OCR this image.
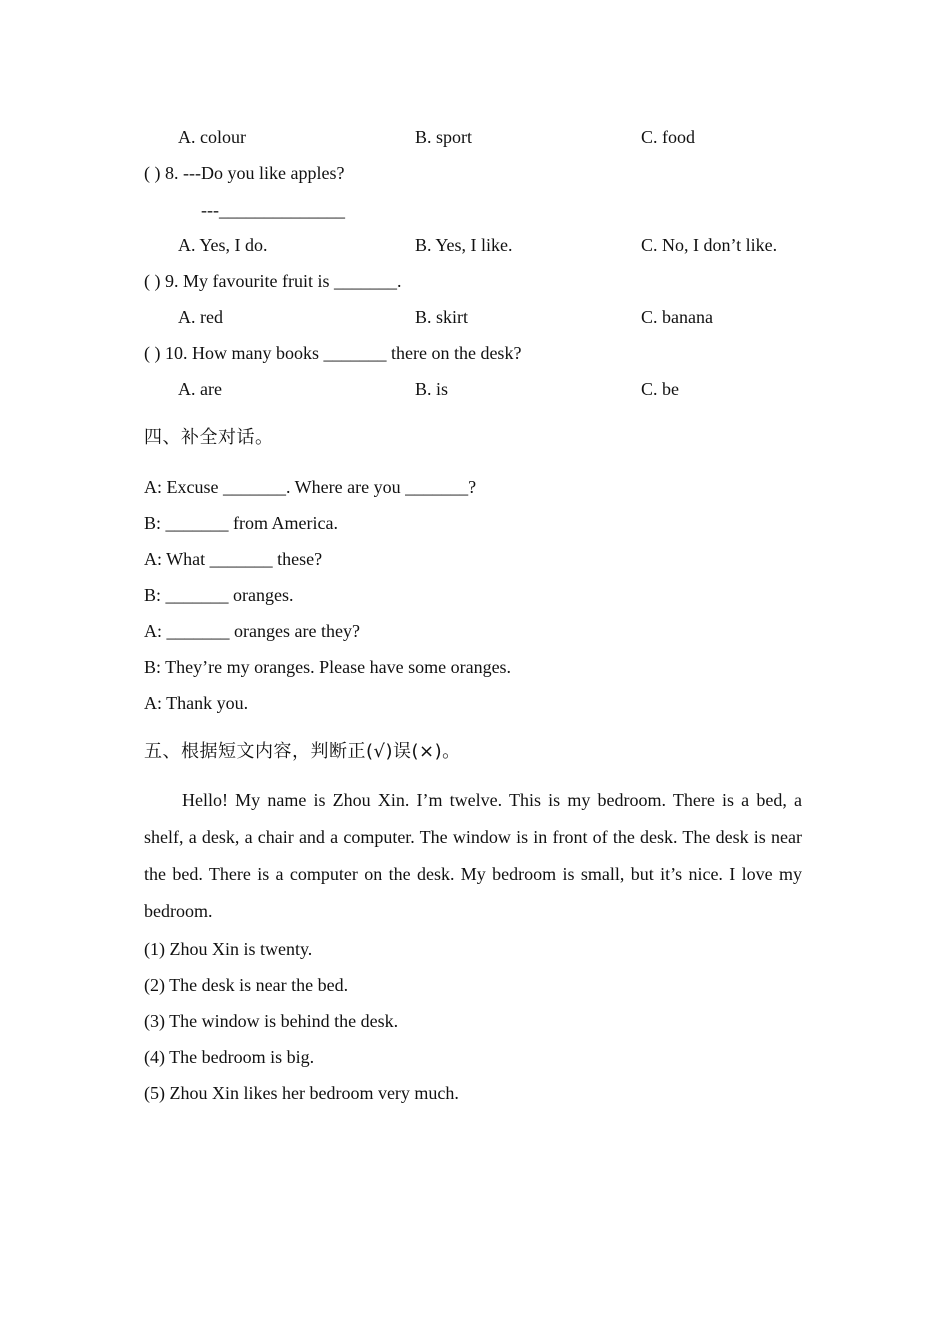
A. colour	B. sport	C. food
( ) 8. ---Do you like apples?
---______________
A. Yes, I do.	B. Yes, I like.	C. No, I don’t like.
( ) 9. My favourite fruit is _______.
A. red	B. skirt	C. banana
( ) 10. How many books _______ there on the desk?
A. are	B. is	C. be
四、补全对话。
A: Excuse _______. Where are you _______?
B: _______ from America.
A: What _______ these?
B: _______ oranges.
A: _______ oranges are they?
B: They’re my oranges. Please have some oranges.
A: Thank you.
五、根据短文内容，判断正(√)误(×)。
Hello! My name is Zhou Xin. I’m twelve. This is my bedroom. There is a bed, a shelf, a desk, a chair and a computer. The window is in front of the desk. The desk is near the bed. There is a computer on the desk. My bedroom is small, but it’s nice. I love my bedroom.
(1) Zhou Xin is twenty.
(2) The desk is near the bed.
(3) The window is behind the desk.
(4) The bedroom is big.
(5) Zhou Xin likes her bedroom very much.
